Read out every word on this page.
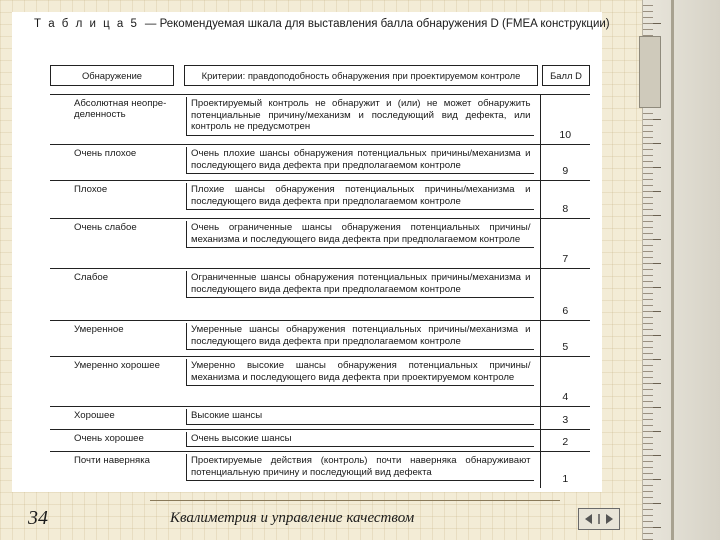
Т а б л и ц а 5 — Рекомендуемая шкала для выставления балла обнаружения D (FMEA конструкции)
Обнаружение	Критерии: правдоподобность обнаружения при проектируемом контроле	Балл D

Абсолютная неопределенность	Проектируемый контроль не обнаружит и (или) не может обнаружить потенциальные причину/механизм и последующий вид дефекта, или контроль не предусмотрен	10

Очень плохое	Очень плохие шансы обнаружения потенциальных причины/механизма и последующего вида дефекта при предполагаемом контроле	9

Плохое	Плохие шансы обнаружения потенциальных причины/механизма и последующего вида дефекта при предполагаемом контроле	8

Очень слабое	Очень ограниченные шансы обнаружения потенциальных причины/механизма и последующего вида дефекта при предполагаемом контроле	7

Слабое	Ограниченные шансы обнаружения потенциальных причины/механизма и последующего вида дефекта при предполагаемом контроле	6

Умеренное	Умеренные шансы обнаружения потенциальных причины/механизма и последующего вида дефекта при предполагаемом контроле	5

Умеренно хорошее	Умеренно высокие шансы обнаружения потенциальных причины/механизма и последующего вида дефекта при проектируемом контроле	4

Хорошее	Высокие шансы	3

Очень хорошее	Очень высокие шансы	2

Почти наверняка	Проектируемые действия (контроль) почти наверняка обнаруживают потенциальную причину и последующий вид дефекта	1
34	Квалиметрия и управление качеством
